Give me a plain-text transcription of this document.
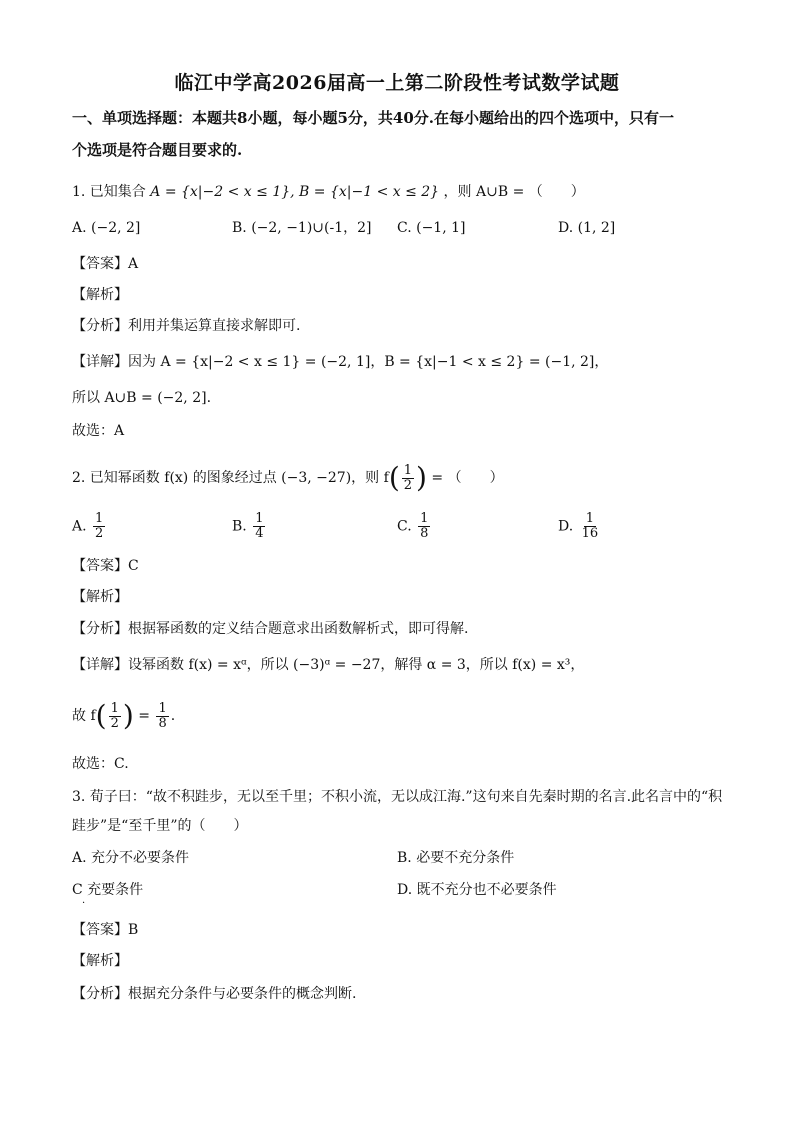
临江中学高2026届高一上第二阶段性考试数学试题
一、单项选择题：本题共8小题，每小题5分，共40分.在每小题给出的四个选项中，只有一
个选项是符合题目要求的.
1. 已知集合 A = {x|−2 < x ≤ 1}, B = {x|−1 < x ≤ 2} ，则 A∪B = （　　）
A. (−2, 2]	B. (−2, −1)∪(-1，2] C. (−1, 1]	D. (1, 2]
【答案】A
【解析】
【分析】利用并集运算直接求解即可.
【详解】因为 A = {x|−2 < x ≤ 1} = (−2, 1]，B = {x|−1 < x ≤ 2} = (−1, 2]，
所以 A∪B = (−2, 2].
故选：A
2. 已知幂函数 f(x) 的图象经过点 (−3, −27)，则 $f( \frac{1}{2}$ ) = （　　）
A. $\frac{1}{2}$	B. $\frac{1}{4}$	C. $\frac{1}{8}$	D. $\frac{1}{16}$
【答案】C
【解析】
【分析】根据幂函数的定义结合题意求出函数解析式，即可得解.
【详解】设幂函数 f(x) = xᵅ，所以 (−3)ᵅ = −27，解得 α = 3，所以 f(x) = x³，
故 $f( \frac{1}{2}$ ) = $\frac{1}{8}$ .
故选：C.
3. 荀子曰：“故不积跬步，无以至千里；不积小流，无以成江海.”这句来自先秦时期的名言.此名言中的“积
跬步”是“至千里”的（　　）
A. 充分不必要条件	B. 必要不充分条件
C 充要条件	D. 既不充分也不必要条件
·
【答案】B
【解析】
【分析】根据充分条件与必要条件的概念判断.
